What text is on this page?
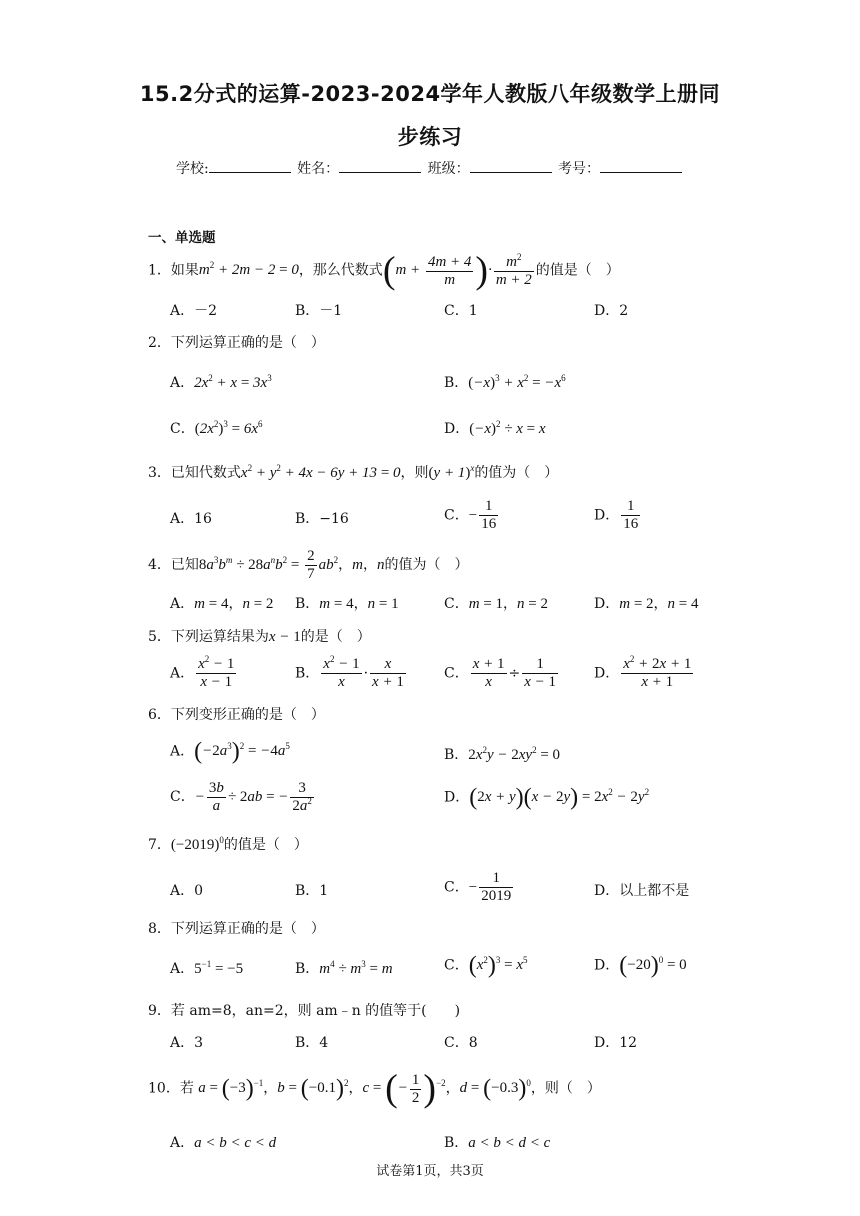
15.2分式的运算-2023-2024学年人教版八年级数学上册同
步练习
学校:	姓名：	班级：	考号：
一、单选题
1．如果$m^2 + 2m - 2 = 0$，那么代数式($m + \frac{4m + 4}{m}$ )· $\frac{m^2}{m + 2}$ 的值是（　）
A．－2	B．－1	C．1	D．2
2．下列运算正确的是（　）
A．$2x^2 + x = 3x^3$	B．$(-x)^3 + x^2 = -x^6$
C．$(2x^2)^3 = 6x^6$	D．$(-x)^2 \div x = x$
3．已知代数式$x^2 + y^2 + 4x - 6y + 13 = 0$，则$(y + 1)^x$的值为（　）
A．16	B．−16	C．− $\frac{1}{16}$	D． $\frac{1}{16}$
4．已知$8a^3b^m \div 28a^nb^2 = \frac{2}{7} ab^2$，m，n的值为（　）
A．m = 4，n = 2 B．m = 4，n = 1	C．m = 1，n = 2	D．m = 2，n = 4
5．下列运算结果为x − 1的是（　）
A． $\frac{x^2 - 1}{x - 1}$	B． $\frac{x^2 - 1}{x} \cdot \frac{x}{x + 1}$	C． $\frac{x + 1}{x} \div \frac{1}{x - 1}$	D． $\frac{x^2 + 2x + 1}{x + 1}$
6．下列变形正确的是（　）
A．$(-2a^3)^2 = -4a^5$
B．$2x^2y - 2xy^2 = 0$
C．− $\frac{3b}{a} \div 2ab$ = − $\frac{3}{2a^2}$	D．$(2x + y)(x - 2y) = 2x^2 - 2y^2$
7．$(-2019)^0$的值是（　）
A．0	B．1	C．− $\frac{1}{2019}$	D．以上都不是
8．下列运算正确的是（　）
A．$5^{-1} = -5$	B．$m^4 \div m^3 = m$	C．$(x^2)^3 = x^5$	D．$(-20)^0 = 0$
9．若 am=8，an=2，则 am﹣n 的值等于(　　)
A．3	B．4	C．8	D．12
10．若 $a = (-3)^{-1}$，$b = (-0.1)^2$，c = (− $\frac{1}{2} )^{-2}$，$d = (-0.3)^0$，则（　）
A．a < b < c < d	B．a < b < d < c
试卷第1页，共3页
